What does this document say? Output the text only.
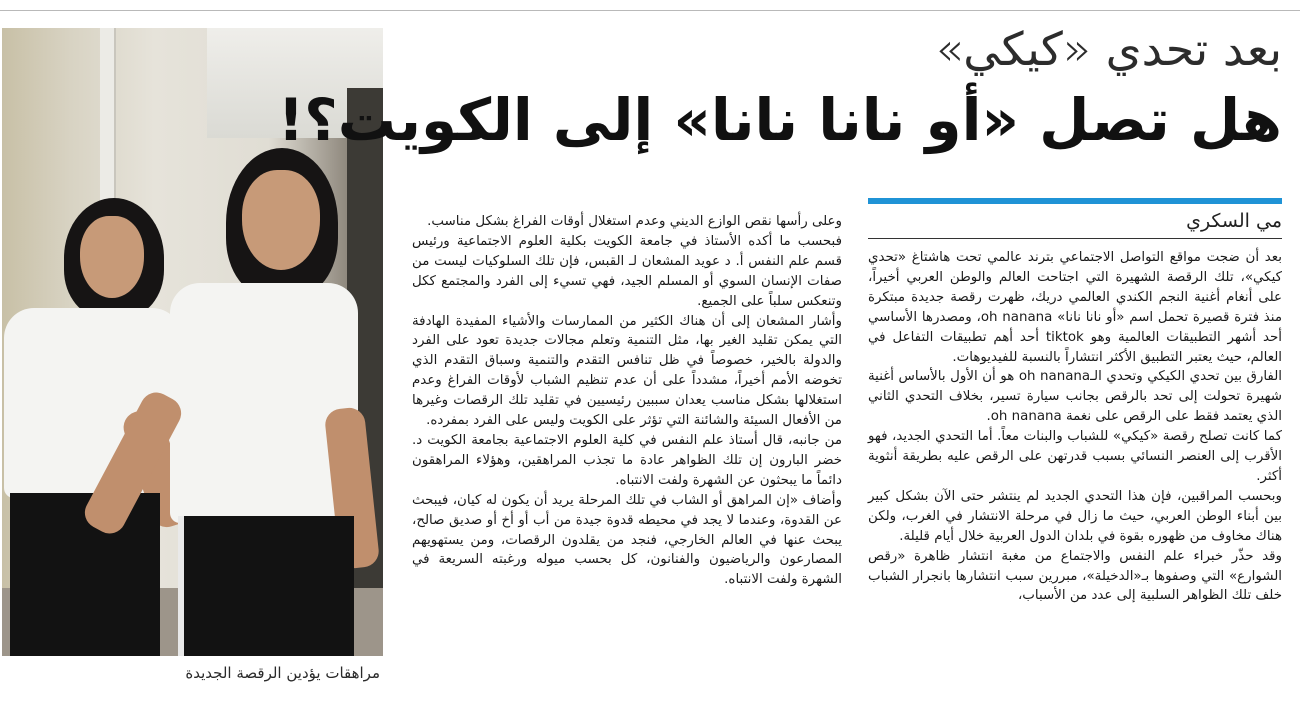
مراهقات يؤدين الرقصة الجديدة
بعد تحدي «كيكي»
هل تصل «أو نانا نانا» إلى الكويت؟!
مي السكري

بعد أن ضجت مواقع التواصل الاجتماعي بترند عالمي تحت هاشتاغ «تحدي كيكي»، تلك الرقصة الشهيرة التي اجتاحت العالم والوطن العربي أخيراً، على أنغام أغنية النجم الكندي العالمي دريك، ظهرت رقصة جديدة مبتكرة منذ فترة قصيرة تحمل اسم «أو نانا نانا» oh nanana، ومصدرها الأساسي أحد أشهر التطبيقات العالمية وهو tiktok أحد أهم تطبيقات التفاعل في العالم، حيث يعتبر التطبيق الأكثر انتشاراً بالنسبة للفيديوهات.

الفارق بين تحدي الكيكي وتحدي الـoh nanana هو أن الأول بالأساس أغنية شهيرة تحولت إلى تحد بالرقص بجانب سيارة تسير، بخلاف التحدي الثاني الذي يعتمد فقط على الرقص على نغمة oh nanana.

كما كانت تصلح رقصة «كيكي» للشباب والبنات معاً. أما التحدي الجديد، فهو الأقرب إلى العنصر النسائي بسبب قدرتهن على الرقص عليه بطريقة أنثوية أكثر.

وبحسب المراقبين، فإن هذا التحدي الجديد لم ينتشر حتى الآن بشكل كبير بين أبناء الوطن العربي، حيث ما زال في مرحلة الانتشار في الغرب، ولكن هناك مخاوف من ظهوره بقوة في بلدان الدول العربية خلال أيام قليلة.

وقد حذّر خبراء علم النفس والاجتماع من مغبة انتشار ظاهرة «رقص الشوارع» التي وصفوها بـ«الدخيلة»، مبررين سبب انتشارها بانجرار الشباب خلف تلك الظواهر السلبية إلى عدد من الأسباب،

وعلى رأسها نقص الوازع الديني وعدم استغلال أوقات الفراغ بشكل مناسب.

فبحسب ما أكده الأستاذ في جامعة الكويت بكلية العلوم الاجتماعية ورئيس قسم علم النفس أ. د عويد المشعان لـ القبس، فإن تلك السلوكيات ليست من صفات الإنسان السوي أو المسلم الجيد، فهي تسيء إلى الفرد والمجتمع ككل وتنعكس سلباً على الجميع.

وأشار المشعان إلى أن هناك الكثير من الممارسات والأشياء المفيدة الهادفة التي يمكن تقليد الغير بها، مثل التنمية وتعلم مجالات جديدة تعود على الفرد والدولة بالخير، خصوصاً في ظل تنافس التقدم والتنمية وسباق التقدم الذي تخوضه الأمم أخيراً، مشدداً على أن عدم تنظيم الشباب لأوقات الفراغ وعدم استغلالها بشكل مناسب يعدان سببين رئيسيين في تقليد تلك الرقصات وغيرها من الأفعال السيئة والشائنة التي تؤثر على الكويت وليس على الفرد بمفرده.

من جانبه، قال أستاذ علم النفس في كلية العلوم الاجتماعية بجامعة الكويت د. خضر البارون إن تلك الظواهر عادة ما تجذب المراهقين، وهؤلاء المراهقون دائماً ما يبحثون عن الشهرة ولفت الانتباه.

وأضاف «إن المراهق أو الشاب في تلك المرحلة يريد أن يكون له كيان، فيبحث عن القدوة، وعندما لا يجد في محيطه قدوة جيدة من أب أو أخ أو صديق صالح، يبحث عنها في العالم الخارجي، فنجد من يقلدون الرقصات، ومن يستهويهم المصارعون والرياضيون والفنانون، كل بحسب ميوله ورغبته السريعة في الشهرة ولفت الانتباه.
